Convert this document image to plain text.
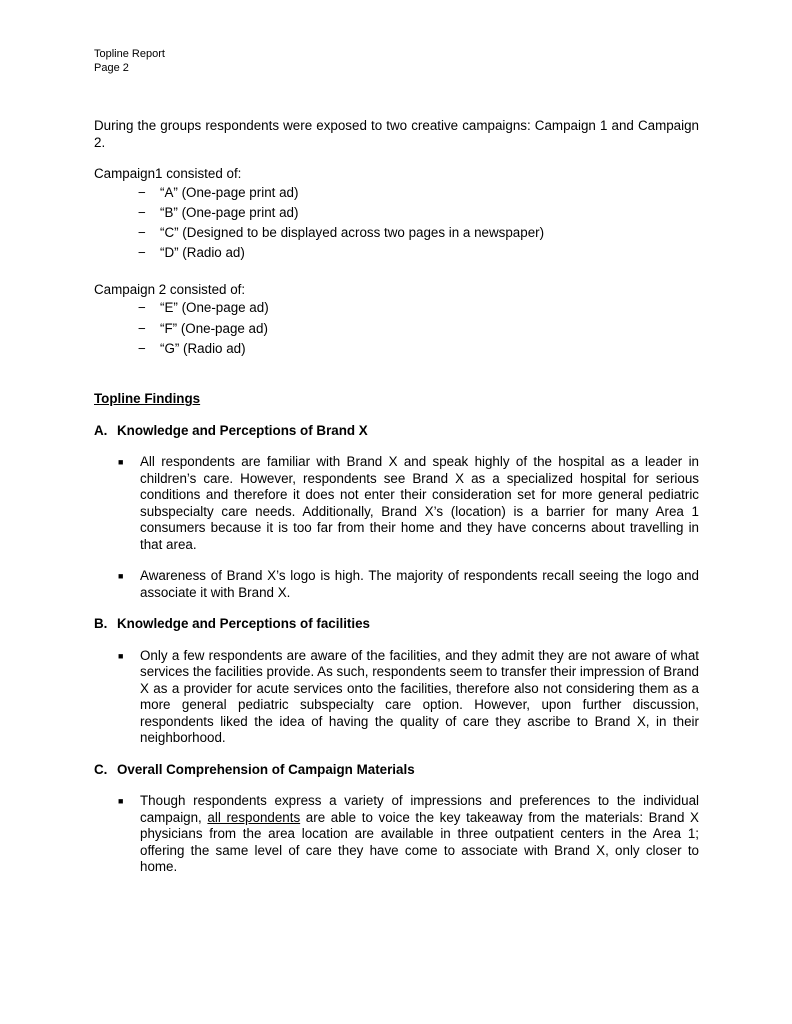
Topline Report
Page 2

During the groups respondents were exposed to two creative campaigns: Campaign 1 and Campaign 2.

Campaign1 consisted of:
− “A” (One-page print ad)
− “B” (One-page print ad)
− “C” (Designed to be displayed across two pages in a newspaper)
− “D” (Radio ad)
Campaign 2 consisted of:
− “E” (One-page ad)
− “F” (One-page ad)
− “G” (Radio ad)
Topline Findings
A. Knowledge and Perceptions of Brand X
■ All respondents are familiar with Brand X and speak highly of the hospital as a leader in children’s care. However, respondents see Brand X as a specialized hospital for serious conditions and therefore it does not enter their consideration set for more general pediatric subspecialty care needs. Additionally, Brand X’s (location) is a barrier for many Area 1 consumers because it is too far from their home and they have concerns about travelling in that area.
■ Awareness of Brand X’s logo is high. The majority of respondents recall seeing the logo and associate it with Brand X.
B. Knowledge and Perceptions of facilities
■ Only a few respondents are aware of the facilities, and they admit they are not aware of what services the facilities provide. As such, respondents seem to transfer their impression of Brand X as a provider for acute services onto the facilities, therefore also not considering them as a more general pediatric subspecialty care option. However, upon further discussion, respondents liked the idea of having the quality of care they ascribe to Brand X, in their neighborhood.
C. Overall Comprehension of Campaign Materials
■ Though respondents express a variety of impressions and preferences to the individual campaign, all respondents are able to voice the key takeaway from the materials: Brand X physicians from the area location are available in three outpatient centers in the Area 1; offering the same level of care they have come to associate with Brand X, only closer to home.
